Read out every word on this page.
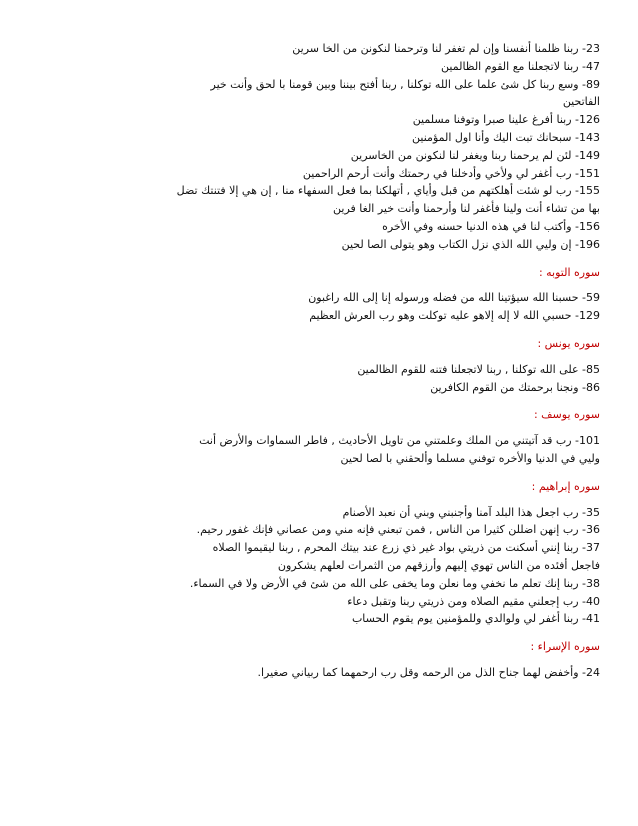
23- ربنا ظلمنا أنفسنا وإن لم تغفر لنا وترحمنا لنكونن من الخا سرين

47- ربنا لاتجعلنا مع القوم الظالمين

89- وسع ربنا كل شئ علما على الله توكلنا , ربنا أفتح بيننا وبين قومنا با لحق وأنت خير

الفاتحين

126- ربنا أفرغ علينا صبرا وتوفنا مسلمين

143- سبحانك تبت اليك وأنا اول المؤمنين

149- لئن لم يرحمنا ربنا ويغفر لنا لنكونن من الخاسرين

151- رب أغفر لي ولأخي وأدخلنا في رحمتك وأنت أرحم الراحمين

155- رب لو شئت أهلكتهم من قبل وأياي , أتهلكنا بما فعل السفهاء منا , إن هي إلا فتنتك تضل

بها من تشاء أنت ولينا فأغفر لنا وأرحمنا وأنت خير الغا فرين

156- وأكتب لنا في هذه الدنيا حسنه وفي الأخره

196- إن وليي الله الذي نزل الكتاب وهو يتولى الصا لحين

سوره التوبه :

59- حسبنا الله سيؤتينا الله من فضله ورسوله إنا إلى الله راغبون

129- حسبي الله لا إله إلاهو عليه توكلت وهو رب العرش العظيم

سوره يونس :

85- على الله توكلنا , ربنا لاتجعلنا فتنه للقوم الظالمين

86- ونجنا برحمتك من القوم الكافرين

سوره يوسف :

101- رب قد آتيتني من الملك وعلمتني من تاويل الأحاديث , فاطر السماوات والأرض أنت

وليي في الدنيا والأخره توفني مسلما وألحقني با لصا لحين

سوره إبراهيم :

35- رب اجعل هذا البلد آمنا وأجنبني وبني أن نعبد الأصنام

36- رب إنهن اضللن كثيرا من الناس , فمن تبعني فإنه مني ومن عصاني فإنك غفور رحيم.

37- ربنا إنني أسكنت من ذريتي بواد غير ذي زرع عند بيتك المحرم , ربنا ليقيموا الصلاه

فاجعل أفئده من الناس تهوي إليهم وأرزقهم من الثمرات لعلهم يشكرون

38- ربنا إنك تعلم ما نخفي وما نعلن وما يخفى على الله من شئ في الأرض ولا في السماء.

40- رب إجعلني مقيم الصلاه ومن ذريتي ربنا وتقبل دعاء

41- ربنا أغفر لي ولوالدي وللمؤمنين يوم يقوم الحساب

سوره الإسراء :

24- وأخفض لهما جناح الذل من الرحمه وقل رب ارحمهما كما ربياني صغيرا.
